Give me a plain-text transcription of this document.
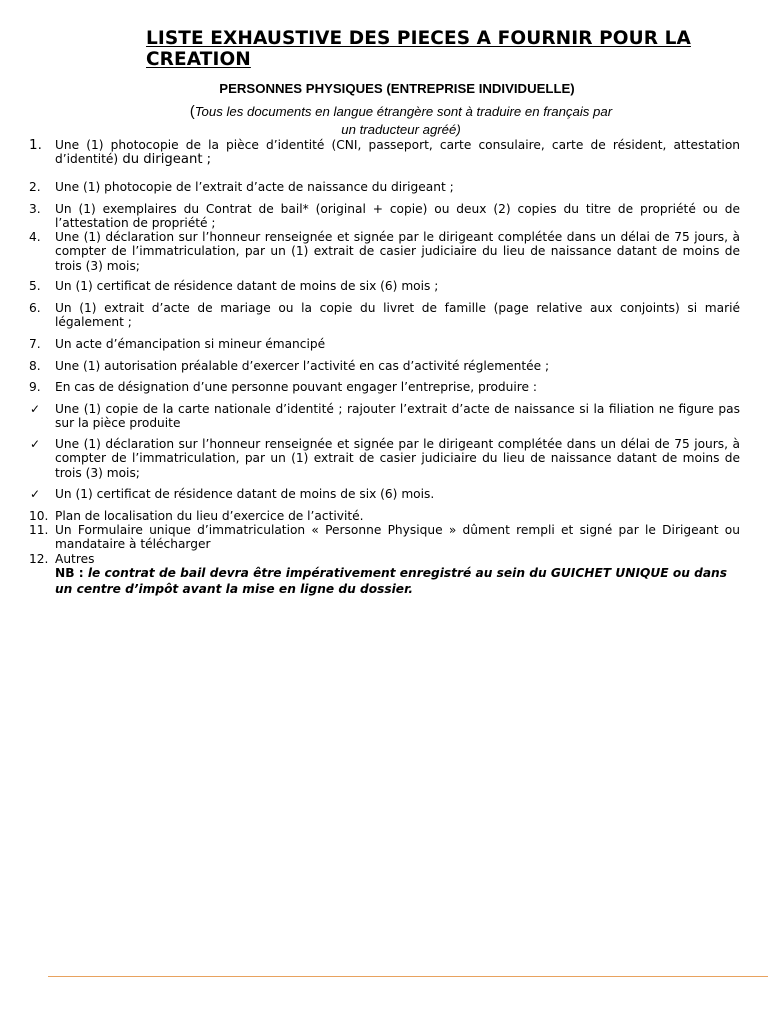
LISTE EXHAUSTIVE DES PIECES A FOURNIR POUR LA CREATION
PERSONNES PHYSIQUES (ENTREPRISE INDIVIDUELLE)
(Tous les documents en langue étrangère sont à traduire en français par
un traducteur agréé)
1.	Une (1) photocopie de la pièce d’identité (CNI, passeport, carte consulaire, carte de résident, attestation d’identité) du dirigeant ;
2.	Une (1) photocopie de l’extrait d’acte de naissance du dirigeant ;
3.	Un (1) exemplaires du Contrat de bail* (original + copie) ou deux (2) copies du titre de propriété ou de l’attestation de propriété ;
4.	Une (1) déclaration sur l’honneur renseignée et signée par le dirigeant complétée dans un délai de 75 jours, à compter de l’immatriculation, par un (1) extrait de casier judiciaire du lieu de naissance datant de moins de trois (3) mois;
5.	Un (1) certificat de résidence datant de moins de six (6) mois ;
6.	Un (1) extrait d’acte de mariage ou la copie du livret de famille (page relative aux conjoints) si marié légalement ;
7.	Un acte d’émancipation si mineur émancipé
8.	Une (1) autorisation préalable d’exercer l’activité en cas d’activité réglementée ;
9.	En cas de désignation d’une personne pouvant engager l’entreprise, produire :
✓	Une (1) copie de la carte nationale d’identité ; rajouter l’extrait d’acte de naissance si la filiation ne figure pas sur la pièce produite
✓	Une (1) déclaration sur l’honneur renseignée et signée par le dirigeant complétée dans un délai de 75 jours, à compter de l’immatriculation, par un (1) extrait de casier judiciaire du lieu de naissance datant de moins de trois (3) mois;
✓	Un (1) certificat de résidence datant de moins de six (6) mois.
10. Plan de localisation du lieu d’exercice de l’activité.
11. Un Formulaire unique d’immatriculation « Personne Physique » dûment rempli et signé par le Dirigeant ou mandataire à télécharger
12. Autres
NB : le contrat de bail devra être impérativement enregistré au sein du GUICHET UNIQUE ou dans un centre d’impôt avant la mise en ligne du dossier.
